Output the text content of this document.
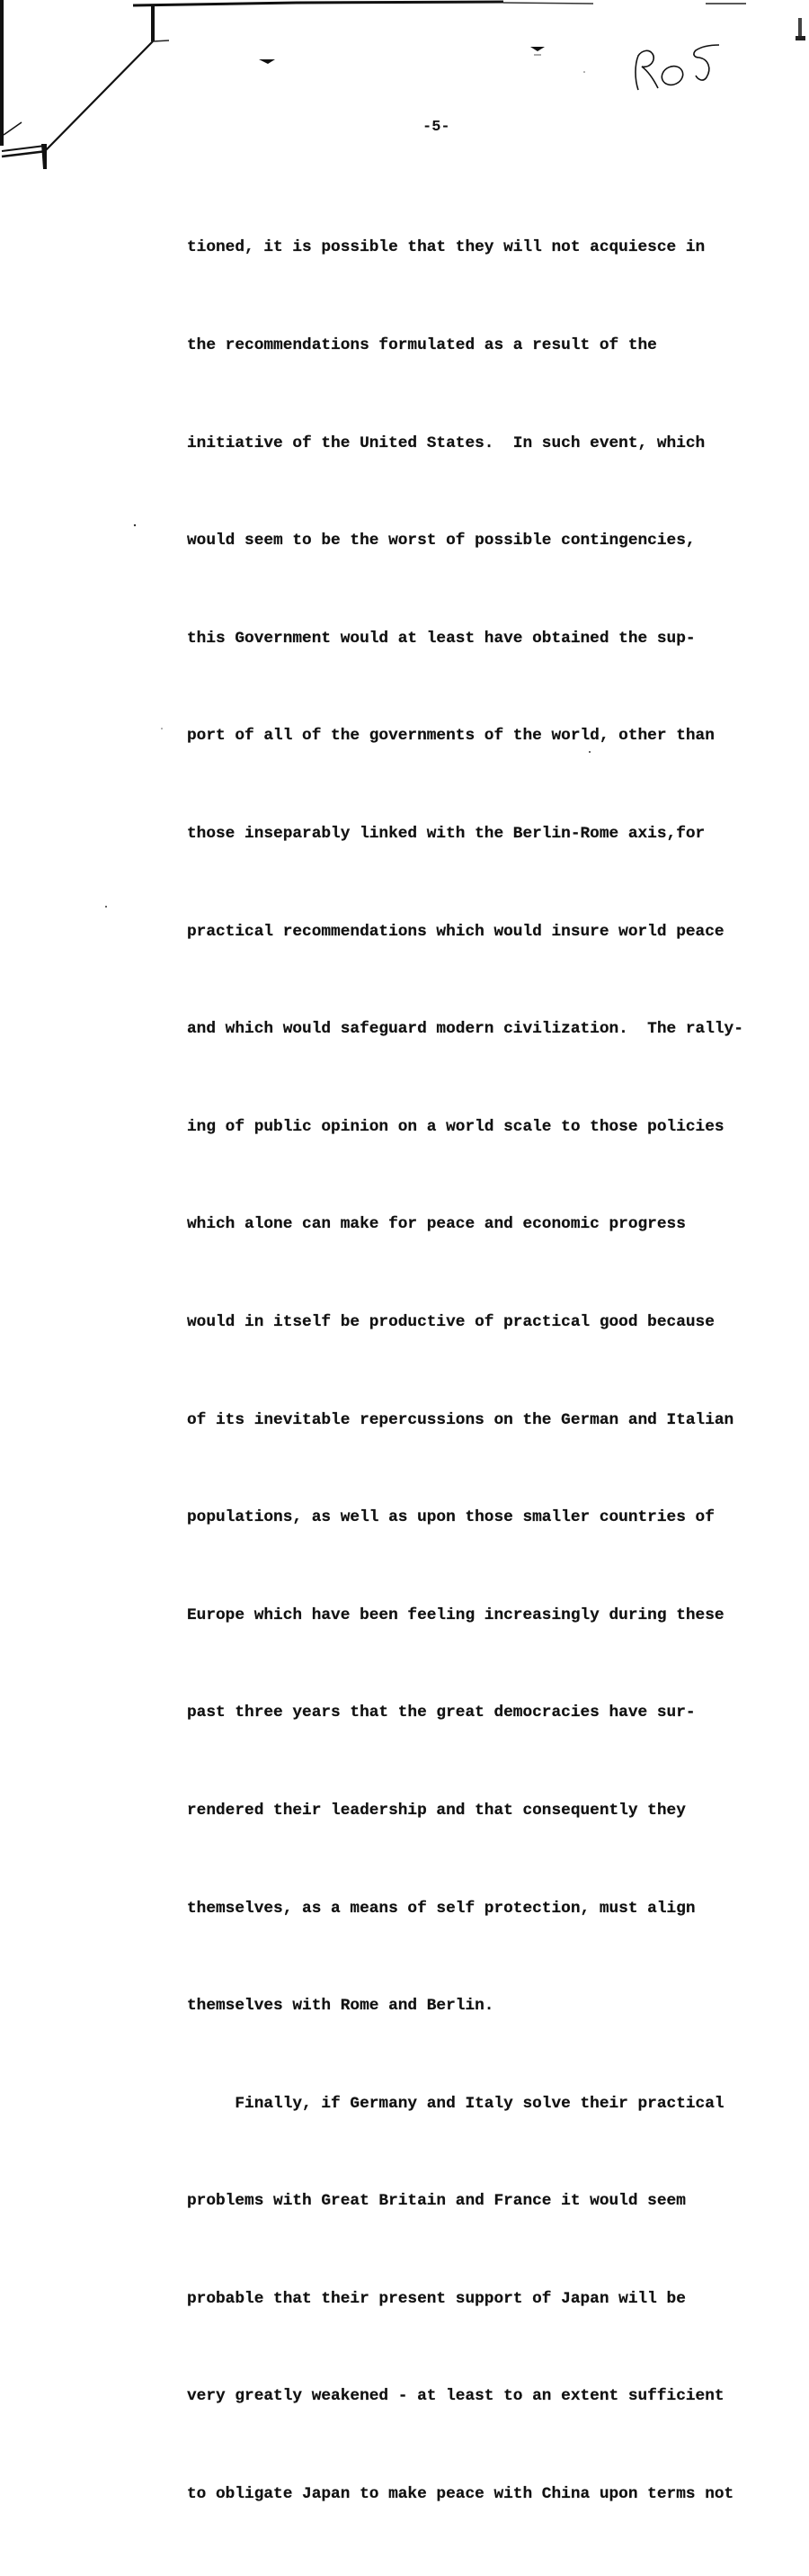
-5-

tioned, it is possible that they will not acquiesce in

the recommendations formulated as a result of the

initiative of the United States.  In such event, which

would seem to be the worst of possible contingencies,

this Government would at least have obtained the sup-

port of all of the governments of the world, other than

those inseparably linked with the Berlin-Rome axis,for

practical recommendations which would insure world peace

and which would safeguard modern civilization.  The rally-

ing of public opinion on a world scale to those policies

which alone can make for peace and economic progress

would in itself be productive of practical good because

of its inevitable repercussions on the German and Italian

populations, as well as upon those smaller countries of

Europe which have been feeling increasingly during these

past three years that the great democracies have sur-

rendered their leadership and that consequently they

themselves, as a means of self protection, must align

themselves with Rome and Berlin.

Finally, if Germany and Italy solve their practical

problems with Great Britain and France it would seem

probable that their present support of Japan will be

very greatly weakened - at least to an extent sufficient

to obligate Japan to make peace with China upon terms not
